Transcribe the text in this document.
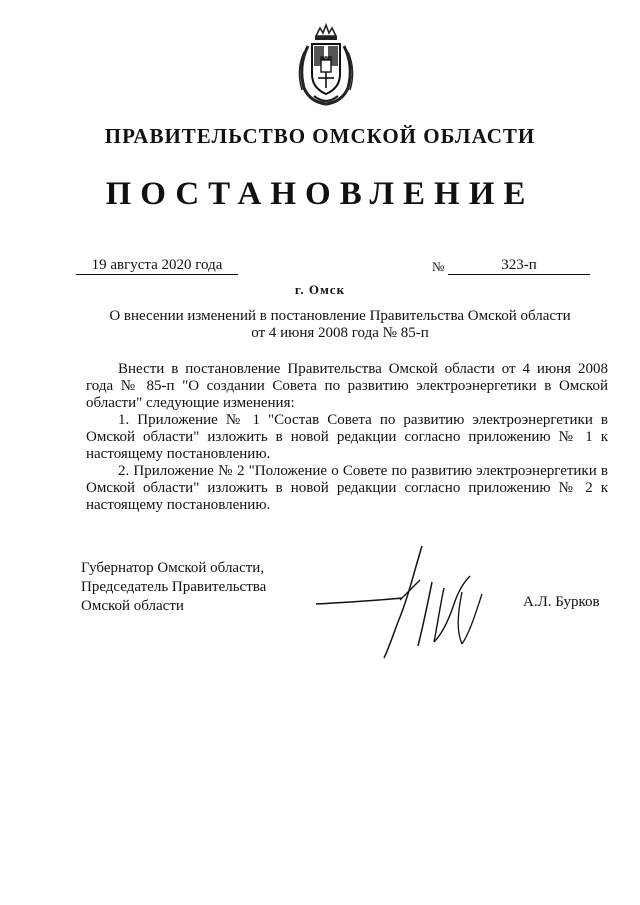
ПРАВИТЕЛЬСТВО ОМСКОЙ ОБЛАСТИ
ПОСТАНОВЛЕНИЕ
19 августа 2020 года	№	323-п
г. Омск
О внесении изменений в постановление Правительства Омской области
от 4 июня 2008 года № 85-п

Внести в постановление Правительства Омской области от 4 июня 2008 года № 85-п "О создании Совета по развитию электроэнергетики в Омской области" следующие изменения:

1. Приложение № 1 "Состав Совета по развитию электроэнергетики в Омской области" изложить в новой редакции согласно приложению № 1 к настоящему постановлению.

2. Приложение № 2 "Положение о Совете по развитию электроэнергетики в Омской области" изложить в новой редакции согласно приложению № 2 к настоящему постановлению.

Губернатор Омской области,
Председатель Правительства
Омской области	А.Л. Бурков
